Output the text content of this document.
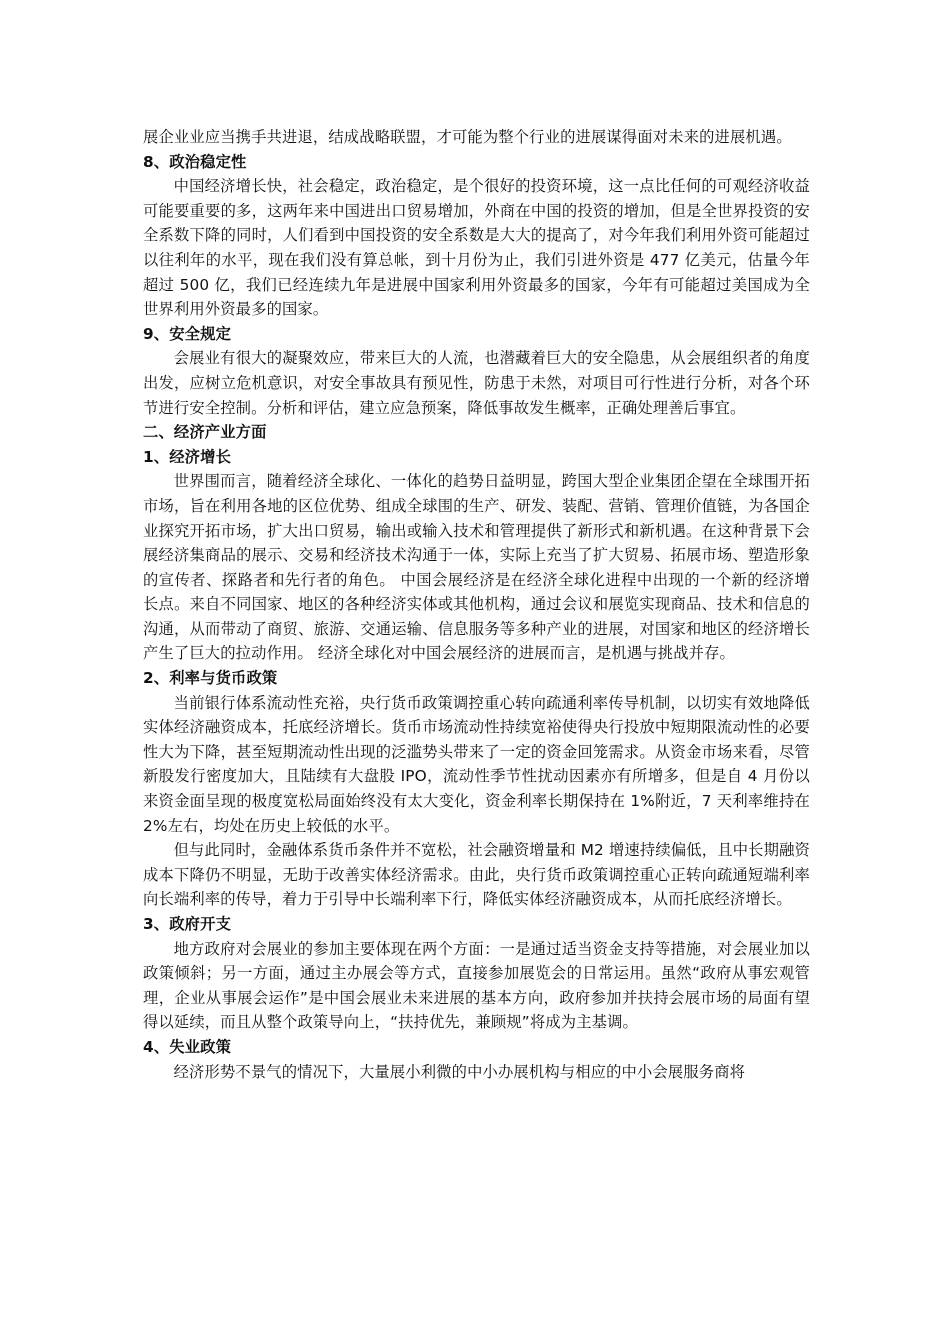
展企业业应当携手共进退，结成战略联盟，才可能为整个行业的进展谋得面对未来的进展机遇。

8、政治稳定性

中国经济增长快，社会稳定，政治稳定，是个很好的投资环境，这一点比任何的可观经济收益可能要重要的多，这两年来中国进出口贸易增加，外商在中国的投资的增加，但是全世界投资的安全系数下降的同时，人们看到中国投资的安全系数是大大的提高了，对今年我们利用外资可能超过以往利年的水平，现在我们没有算总帐，到十月份为止，我们引进外资是 477 亿美元，估量今年超过 500 亿，我们已经连续九年是进展中国家利用外资最多的国家，今年有可能超过美国成为全世界利用外资最多的国家。

9、安全规定

会展业有很大的凝聚效应，带来巨大的人流，也潜藏着巨大的安全隐患，从会展组织者的角度出发，应树立危机意识，对安全事故具有预见性，防患于未然，对项目可行性进行分析，对各个环节进行安全控制。分析和评估，建立应急预案，降低事故发生概率，正确处理善后事宜。

二、经济产业方面

1、经济增长

世界围而言，随着经济全球化、一体化的趋势日益明显，跨国大型企业集团企望在全球围开拓市场，旨在利用各地的区位优势、组成全球围的生产、研发、装配、营销、管理价值链，为各国企业探究开拓市场，扩大出口贸易，输出或输入技术和管理提供了新形式和新机遇。在这种背景下会展经济集商品的展示、交易和经济技术沟通于一体，实际上充当了扩大贸易、拓展市场、塑造形象的宣传者、探路者和先行者的角色。 中国会展经济是在经济全球化进程中出现的一个新的经济增长点。来自不同国家、地区的各种经济实体或其他机构，通过会议和展览实现商品、技术和信息的沟通，从而带动了商贸、旅游、交通运输、信息服务等多种产业的进展，对国家和地区的经济增长产生了巨大的拉动作用。 经济全球化对中国会展经济的进展而言，是机遇与挑战并存。

2、利率与货币政策

当前银行体系流动性充裕，央行货币政策调控重心转向疏通利率传导机制，以切实有效地降低实体经济融资成本，托底经济增长。货币市场流动性持续宽裕使得央行投放中短期限流动性的必要性大为下降，甚至短期流动性出现的泛滥势头带来了一定的资金回笼需求。从资金市场来看，尽管新股发行密度加大，且陆续有大盘股 IPO，流动性季节性扰动因素亦有所增多，但是自 4 月份以来资金面呈现的极度宽松局面始终没有太大变化，资金利率长期保持在 1%附近，7 天利率维持在 2%左右，均处在历史上较低的水平。

但与此同时，金融体系货币条件并不宽松，社会融资增量和 M2 增速持续偏低，且中长期融资成本下降仍不明显，无助于改善实体经济需求。由此，央行货币政策调控重心正转向疏通短端利率向长端利率的传导，着力于引导中长端利率下行，降低实体经济融资成本，从而托底经济增长。

3、政府开支

地方政府对会展业的参加主要体现在两个方面：一是通过适当资金支持等措施，对会展业加以政策倾斜；另一方面，通过主办展会等方式，直接参加展览会的日常运用。虽然“政府从事宏观管理，企业从事展会运作”是中国会展业未来进展的基本方向，政府参加并扶持会展市场的局面有望得以延续，而且从整个政策导向上，“扶持优先，兼顾规”将成为主基调。

4、失业政策

经济形势不景气的情况下，大量展小利微的中小办展机构与相应的中小会展服务商将
